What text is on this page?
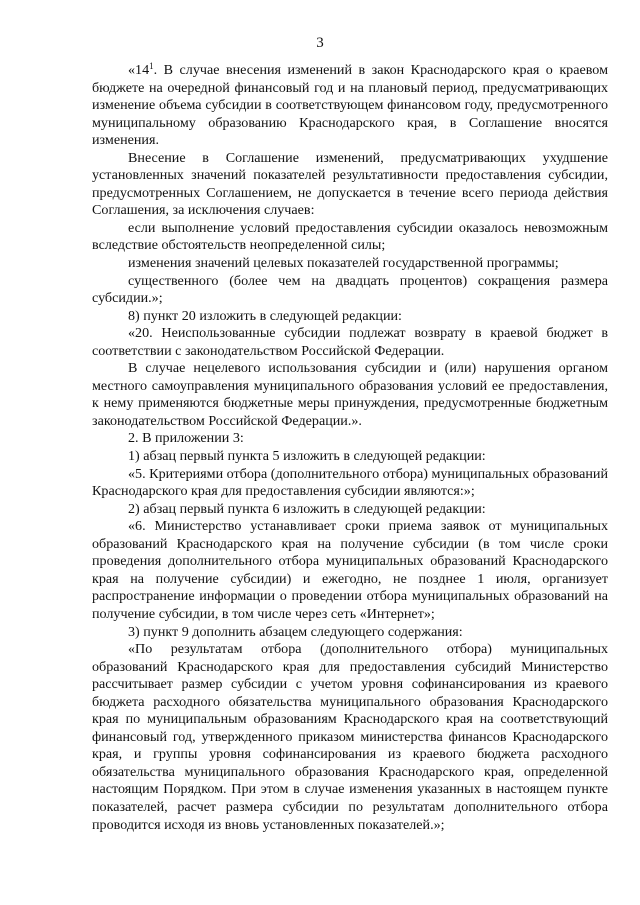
3

«$14^1$. В случае внесения изменений в закон Краснодарского края о краевом бюджете на очередной финансовый год и на плановый период, предусматривающих изменение объема субсидии в соответствующем финансовом году, предусмотренного муниципальному образованию Краснодарского края, в Соглашение вносятся изменения.

Внесение в Соглашение изменений, предусматривающих ухудшение установленных значений показателей результативности предоставления субсидии, предусмотренных Соглашением, не допускается в течение всего периода действия Соглашения, за исключения случаев:

если выполнение условий предоставления субсидии оказалось невозможным вследствие обстоятельств неопределенной силы;

изменения значений целевых показателей государственной программы;

существенного (более чем на двадцать процентов) сокращения размера субсидии.»;

8) пункт 20 изложить в следующей редакции:

«20. Неиспользованные субсидии подлежат возврату в краевой бюджет в соответствии с законодательством Российской Федерации.

В случае нецелевого использования субсидии и (или) нарушения органом местного самоуправления муниципального образования условий ее предоставления, к нему применяются бюджетные меры принуждения, предусмотренные бюджетным законодательством Российской Федерации.».

2. В приложении 3:

1) абзац первый пункта 5 изложить в следующей редакции:

«5. Критериями отбора (дополнительного отбора) муниципальных образований Краснодарского края для предоставления субсидии являются:»;

2) абзац первый пункта 6 изложить в следующей редакции:

«6. Министерство устанавливает сроки приема заявок от муниципальных образований Краснодарского края на получение субсидии (в том числе сроки проведения дополнительного отбора муниципальных образований Краснодарского края на получение субсидии) и ежегодно, не позднее 1 июля, организует распространение информации о проведении отбора муниципальных образований на получение субсидии, в том числе через сеть «Интернет»;

3) пункт 9 дополнить абзацем следующего содержания:

«По результатам отбора (дополнительного отбора) муниципальных образований Краснодарского края для предоставления субсидий Министерство рассчитывает размер субсидии с учетом уровня софинансирования из краевого бюджета расходного обязательства муниципального образования Краснодарского края по муниципальным образованиям Краснодарского края на соответствующий финансовый год, утвержденного приказом министерства финансов Краснодарского края, и группы уровня софинансирования из краевого бюджета расходного обязательства муниципального образования Краснодарского края, определенной настоящим Порядком. При этом в случае изменения указанных в настоящем пункте показателей, расчет размера субсидии по результатам дополнительного отбора проводится исходя из вновь установленных показателей.»;
